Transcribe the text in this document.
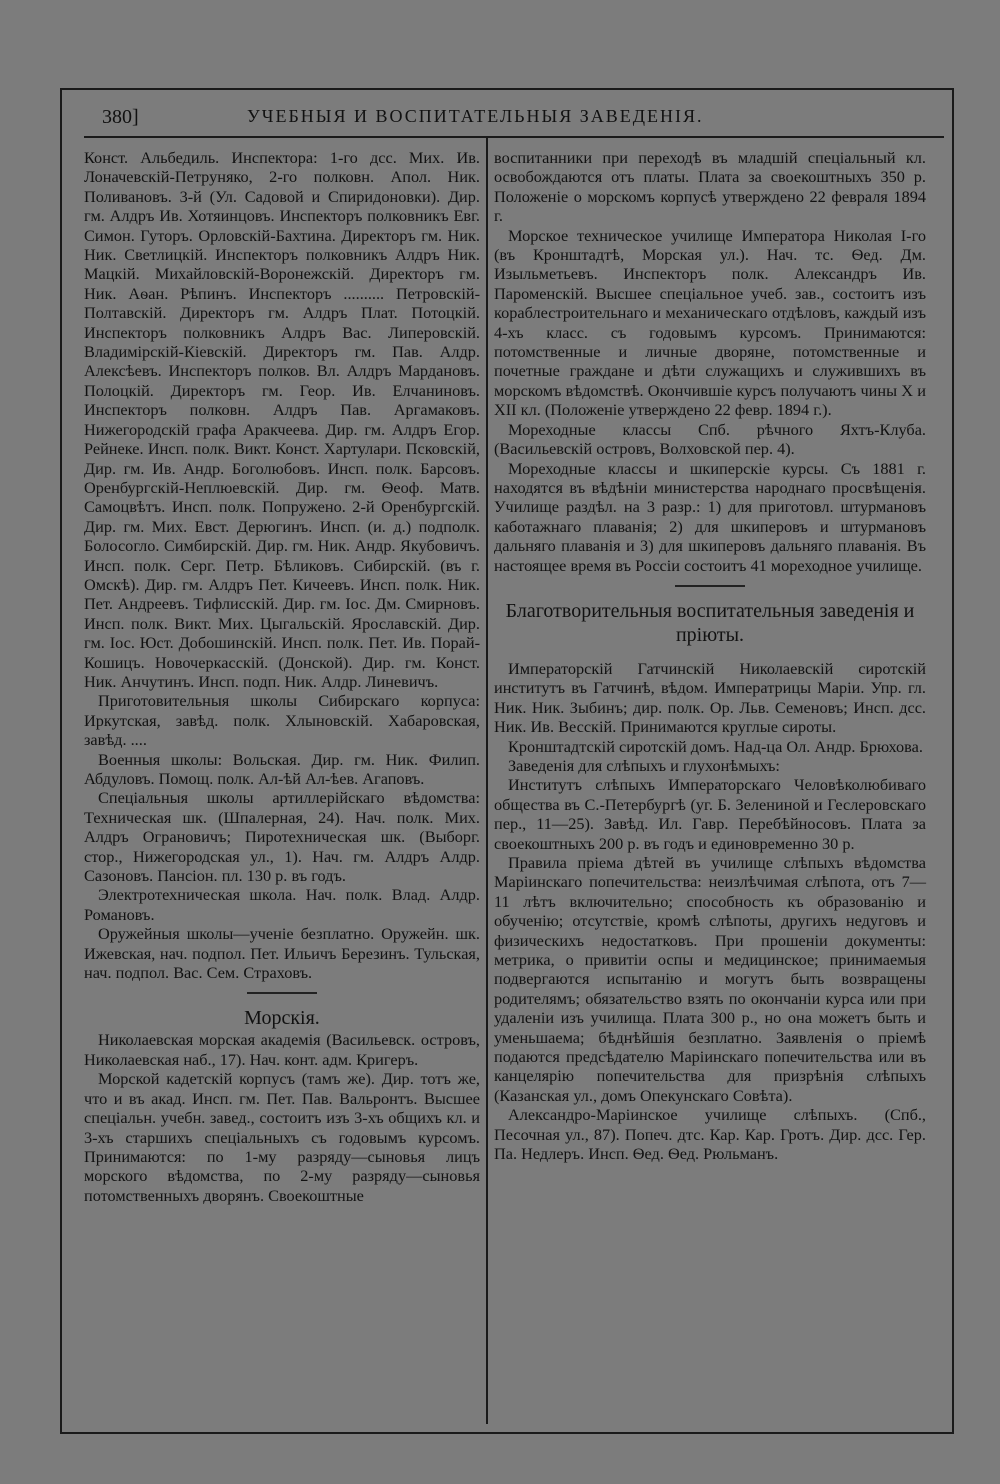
380]	УЧЕБНЫЯ И ВОСПИТАТЕЛЬНЫЯ ЗАВЕДЕНІЯ.

Конст. Альбедиль. Инспектора: 1-го дсс. Мих. Ив. Лоначевскій-Петруняко, 2-го полковн. Апол. Ник. Поливановъ. 3-й (Ул. Садовой и Спиридоновки). Дир. гм. Алдръ Ив. Хотяинцовъ. Инспекторъ полковникъ Евг. Симон. Гуторъ. Орловскій-Бахтина. Директоръ гм. Ник. Ник. Светлицкій. Инспекторъ полковникъ Алдръ Ник. Мацкій. Михайловскій-Воронежскій. Директоръ гм. Ник. Аѳан. Рѣпинъ. Инспекторъ .......... Петровскій-Полтавскій. Директоръ гм. Алдръ Плат. Потоцкій. Инспекторъ полковникъ Алдръ Вас. Липеровскій. Владимірскій-Кіевскій. Директоръ гм. Пав. Алдр. Алексѣевъ. Инспекторъ полков. Вл. Алдръ Мардановъ. Полоцкій. Директоръ гм. Геор. Ив. Елчаниновъ. Инспекторъ полковн. Алдръ Пав. Аргамаковъ. Нижегородскій графа Аракчеева. Дир. гм. Алдръ Егор. Рейнеке. Инсп. полк. Викт. Конст. Хартулари. Псковскій, Дир. гм. Ив. Андр. Боголюбовъ. Инсп. полк. Барсовъ. Оренбургскій-Неплюевскій. Дир. гм. Ѳеоф. Матв. Самоцвѣтъ. Инсп. полк. Попружено. 2-й Оренбургскій. Дир. гм. Мих. Евст. Дерюгинъ. Инсп. (и. д.) подполк. Болосогло. Симбирскій. Дир. гм. Ник. Андр. Якубовичъ. Инсп. полк. Серг. Петр. Бѣликовъ. Сибирскій. (въ г. Омскѣ). Дир. гм. Алдръ Пет. Кичеевъ. Инсп. полк. Ник. Пет. Андреевъ. Тифлисскій. Дир. гм. Іос. Дм. Смирновъ. Инсп. полк. Викт. Мих. Цыгальскій. Ярославскій. Дир. гм. Іос. Юст. Добошинскій. Инсп. полк. Пет. Ив. Порай-Кошицъ. Новочеркасскій. (Донской). Дир. гм. Конст. Ник. Анчутинъ. Инсп. подп. Ник. Алдр. Линевичъ.

Приготовительныя школы Сибирскаго корпуса: Иркутская, завѣд. полк. Хлыновскій. Хабаровская, завѣд. ....

Военныя школы: Вольская. Дир. гм. Ник. Филип. Абдуловъ. Помощ. полк. Ал-ѣй Ал-ѣев. Агаповъ.

Спеціальныя школы артиллерійскаго вѣдомства: Техническая шк. (Шпалерная, 24). Нач. полк. Мих. Алдръ Ограновичъ; Пиротехническая шк. (Выборг. стор., Нижегородская ул., 1). Нач. гм. Алдръ Алдр. Сазоновъ. Пансіон. пл. 130 р. въ годъ.

Электротехническая школа. Нач. полк. Влад. Алдр. Романовъ.

Оружейныя школы—ученіе безплатно. Оружейн. шк. Ижевская, нач. подпол. Пет. Ильичъ Березинъ. Тульская, нач. подпол. Вас. Сем. Страховъ.

Морскія.

Николаевская морская академія (Васильевск. островъ, Николаевская наб., 17). Нач. конт. адм. Кригеръ.

Морской кадетскій корпусъ (тамъ же). Дир. тотъ же, что и въ акад. Инсп. гм. Пет. Пав. Вальронтъ. Высшее спеціальн. учебн. завед., состоитъ изъ 3-хъ общихъ кл. и 3-хъ старшихъ спеціальныхъ съ годовымъ курсомъ. Принимаются: по 1-му разряду—сыновья лицъ морского вѣдомства, по 2-му разряду—сыновья потомственныхъ дворянъ. Своекоштные

воспитанники при переходѣ въ младшій спеціальный кл. освобождаются отъ платы. Плата за своекоштныхъ 350 р. Положеніе о морскомъ корпусѣ утверждено 22 февраля 1894 г.

Морское техническое училище Императора Николая I-го (въ Кронштадтѣ, Морская ул.). Нач. тс. Ѳед. Дм. Изыльметьевъ. Инспекторъ полк. Александръ Ив. Пароменскій. Высшее спеціальное учеб. зав., состоитъ изъ кораблестроительнаго и механическаго отдѣловъ, каждый изъ 4-хъ класс. съ годовымъ курсомъ. Принимаются: потомственные и личные дворяне, потомственные и почетные граждане и дѣти служащихъ и служившихъ въ морскомъ вѣдомствѣ. Окончившіе курсъ получаютъ чины X и XII кл. (Положеніе утверждено 22 февр. 1894 г.).

Мореходные классы Спб. рѣчного Яхтъ-Клуба. (Васильевскій островъ, Волховской пер. 4).

Мореходные классы и шкиперскіе курсы. Съ 1881 г. находятся въ вѣдѣніи министерства народнаго просвѣщенія. Училище раздѣл. на 3 разр.: 1) для приготовл. штурмановъ каботажнаго плаванія; 2) для шкиперовъ и штурмановъ дальняго плаванія и 3) для шкиперовъ дальняго плаванія. Въ настоящее время въ Россіи состоитъ 41 мореходное училище.

Благотворительныя воспитательныя заведенія и пріюты.

Императорскій Гатчинскій Николаевскій сиротскій институтъ въ Гатчинѣ, вѣдом. Императрицы Маріи. Упр. гл. Ник. Ник. Зыбинъ; дир. полк. Ор. Льв. Семеновъ; Инсп. дсс. Ник. Ив. Весскій. Принимаются круглые сироты.

Кронштадтскій сиротскій домъ. Над-ца Ол. Андр. Брюхова.

Заведенія для слѣпыхъ и глухонѣмыхъ:

Институтъ слѣпыхъ Императорскаго Человѣколюбиваго общества въ С.-Петербургѣ (уг. Б. Зелениной и Геслеровскаго пер., 11—25). Завѣд. Ил. Гавр. Перебѣйносовъ. Плата за своекоштныхъ 200 р. въ годъ и единовременно 30 р.

Правила пріема дѣтей въ училище слѣпыхъ вѣдомства Маріинскаго попечительства: неизлѣчимая слѣпота, отъ 7—11 лѣтъ включительно; способность къ образованію и обученію; отсутствіе, кромѣ слѣпоты, другихъ недуговъ и физическихъ недостатковъ. При прошеніи документы: метрика, о привитіи оспы и медицинское; принимаемыя подвергаются испытанію и могутъ быть возвращены родителямъ; обязательство взять по окончаніи курса или при удаленіи изъ училища. Плата 300 р., но она можетъ быть и уменьшаема; бѣднѣйшія безплатно. Заявленія о пріемѣ подаются предсѣдателю Маріинскаго попечительства или въ канцелярію попечительства для призрѣнія слѣпыхъ (Казанская ул., домъ Опекунскаго Совѣта).

Александро-Маріинское училище слѣпыхъ. (Спб., Песочная ул., 87). Попеч. дтс. Кар. Кар. Гротъ. Дир. дсс. Гер. Па. Недлеръ. Инсп. Ѳед. Ѳед. Рюльманъ.
